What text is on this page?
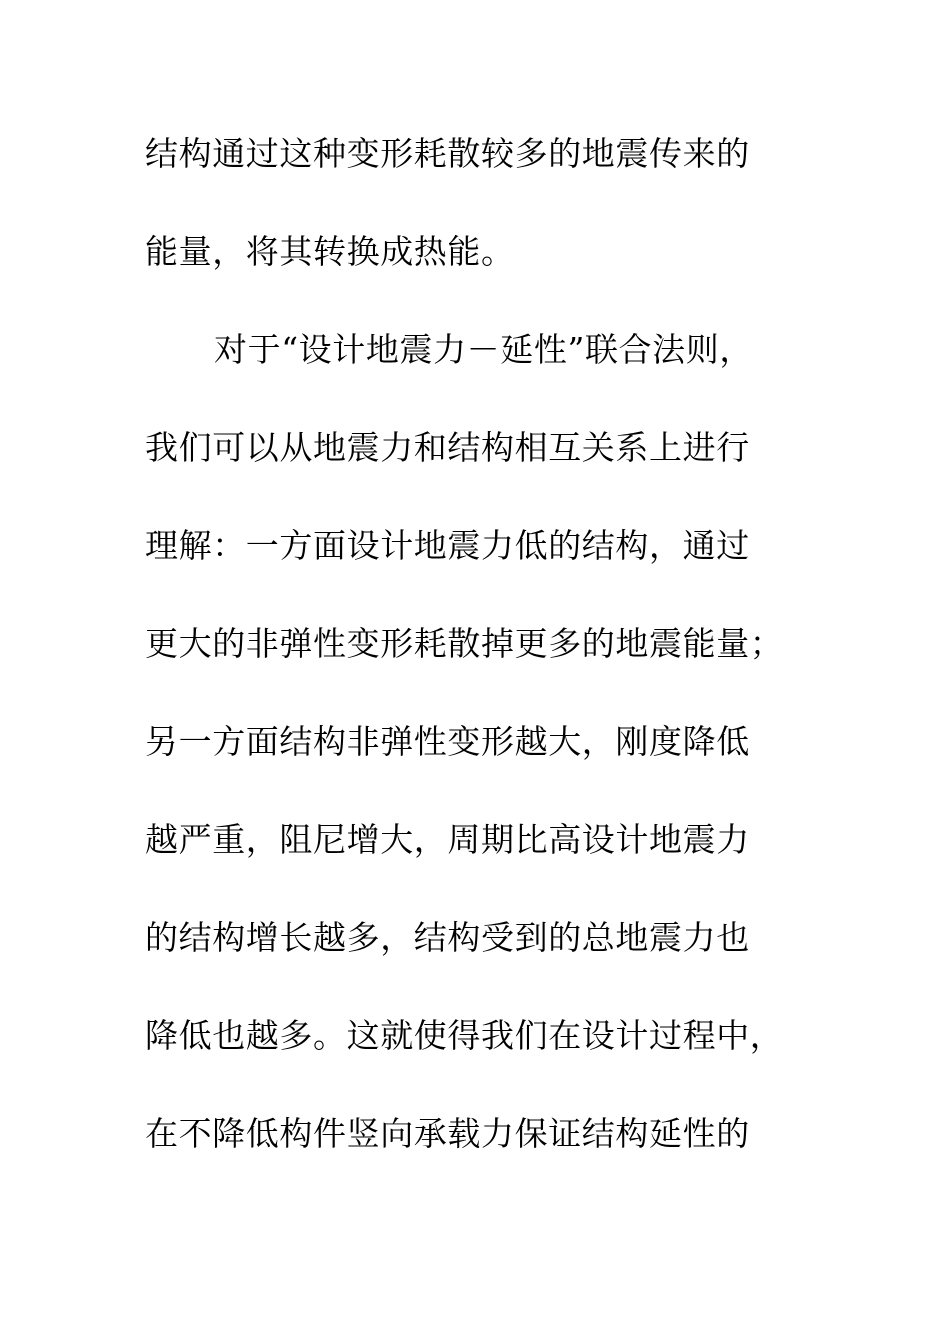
结构通过这种变形耗散较多的地震传来的
能量，将其转换成热能。
对于“设计地震力－延性”联合法则，
我们可以从地震力和结构相互关系上进行
理解：一方面设计地震力低的结构，通过
更大的非弹性变形耗散掉更多的地震能量；
另一方面结构非弹性变形越大，刚度降低
越严重，阻尼增大，周期比高设计地震力
的结构增长越多，结构受到的总地震力也
降低也越多。这就使得我们在设计过程中，
在不降低构件竖向承载力保证结构延性的
